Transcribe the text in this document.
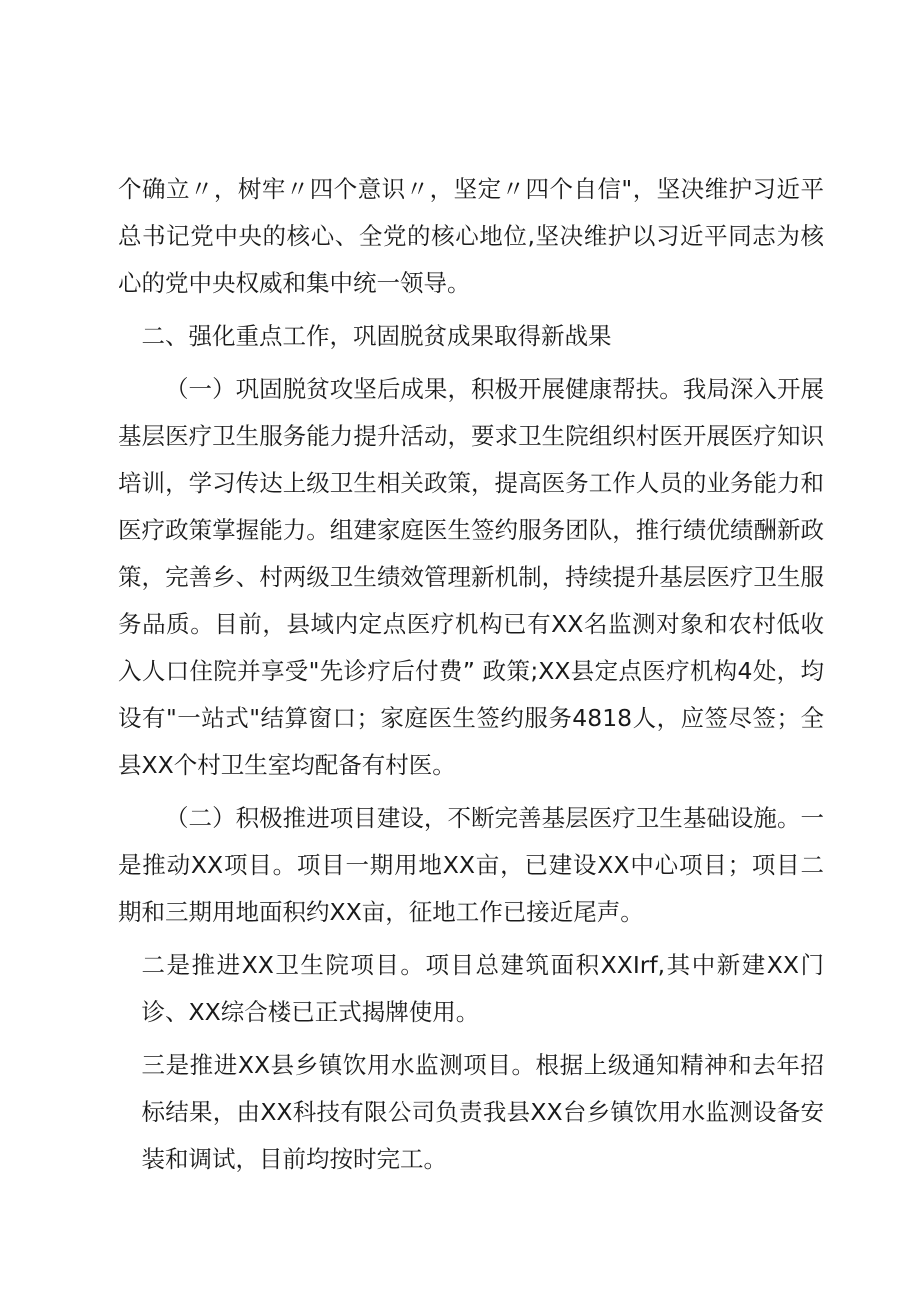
个确立〃，树牢〃四个意识〃，坚定〃四个自信"，坚决维护习近平总书记党中央的核心、全党的核心地位,坚决维护以习近平同志为核心的党中央权威和集中统一领导。

二、强化重点工作，巩固脱贫成果取得新战果

（一）巩固脱贫攻坚后成果，积极开展健康帮扶。我局深入开展基层医疗卫生服务能力提升活动，要求卫生院组织村医开展医疗知识培训，学习传达上级卫生相关政策，提高医务工作人员的业务能力和医疗政策掌握能力。组建家庭医生签约服务团队，推行绩优绩酬新政策，完善乡、村两级卫生绩效管理新机制，持续提升基层医疗卫生服务品质。目前，县域内定点医疗机构已有XX名监测对象和农村低收入人口住院并享受"先诊疗后付费” 政策;XX县定点医疗机构4处，均设有"一站式"结算窗口；家庭医生签约服务4818人，应签尽签；全县XX个村卫生室均配备有村医。

（二）积极推进项目建设，不断完善基层医疗卫生基础设施。一是推动XX项目。项目一期用地XX亩，已建设XX中心项目；项目二期和三期用地面积约XX亩，征地工作已接近尾声。

二是推进XX卫生院项目。项目总建筑面积XXIrf,其中新建XX门诊、XX综合楼已正式揭牌使用。

三是推进XX县乡镇饮用水监测项目。根据上级通知精神和去年招标结果，由XX科技有限公司负责我县XX台乡镇饮用水监测设备安装和调试，目前均按时完工。
